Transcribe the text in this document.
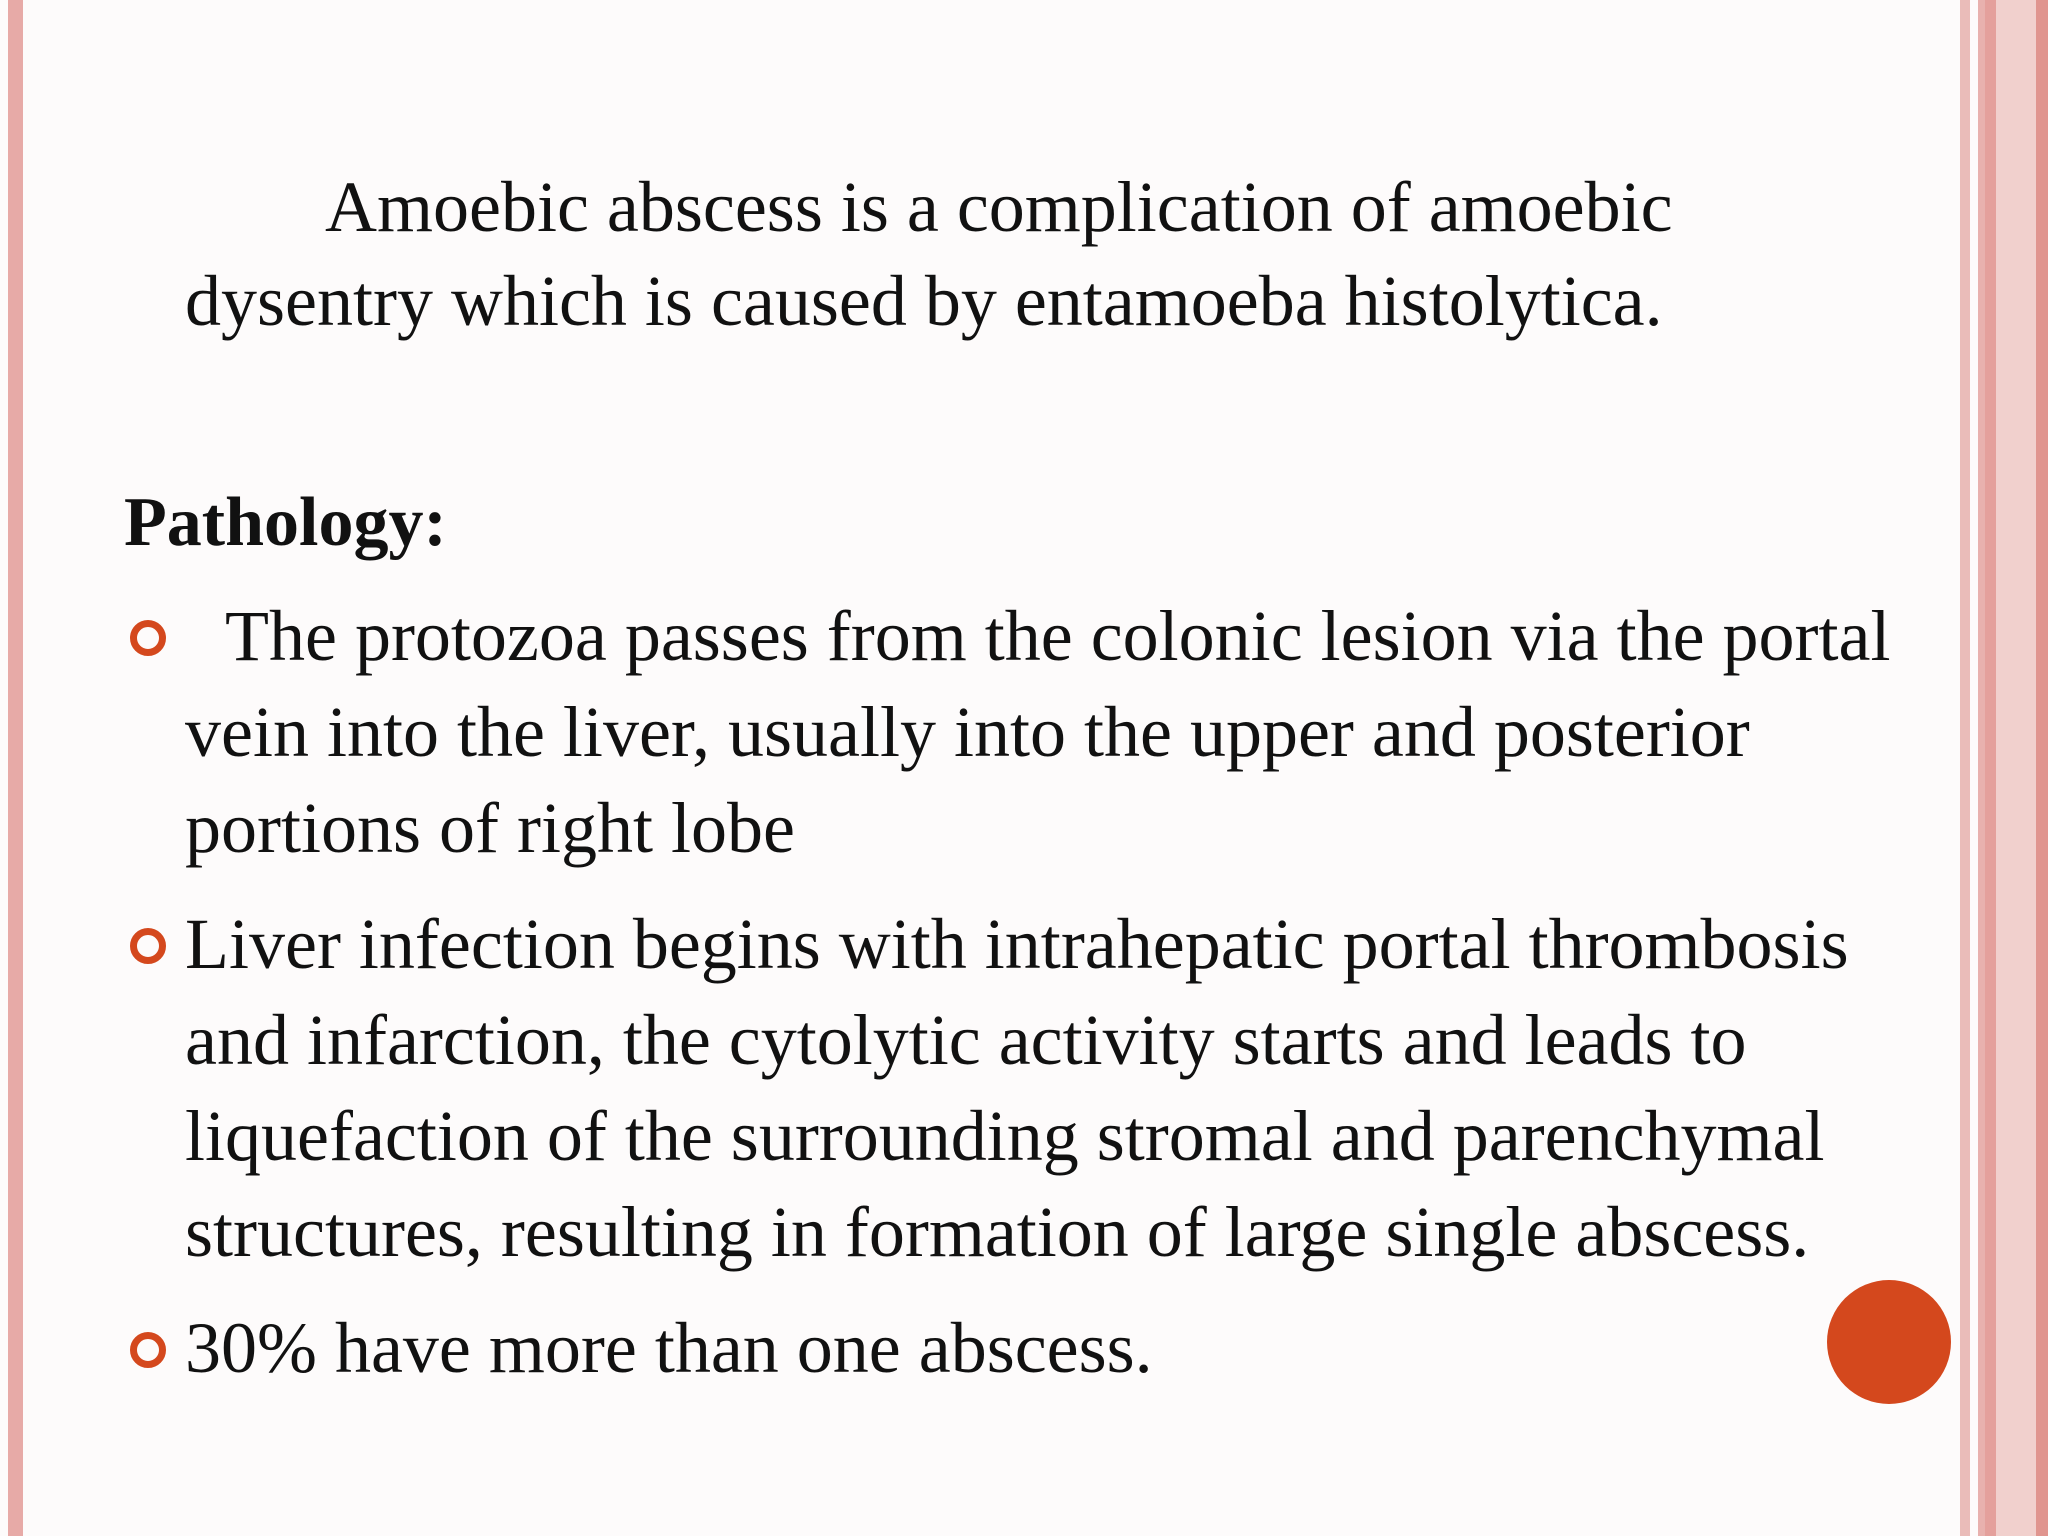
Amoebic abscess is a complication of amoebic dysentry which is caused by entamoeba histolytica.

Pathology:

The protozoa passes from the colonic lesion via the portal vein into the liver, usually into the upper and posterior portions of right lobe
Liver infection begins with intrahepatic portal thrombosis and infarction, the cytolytic activity starts and leads to liquefaction of the surrounding stromal and parenchymal structures, resulting in formation of large single abscess.
30% have more than one abscess.
